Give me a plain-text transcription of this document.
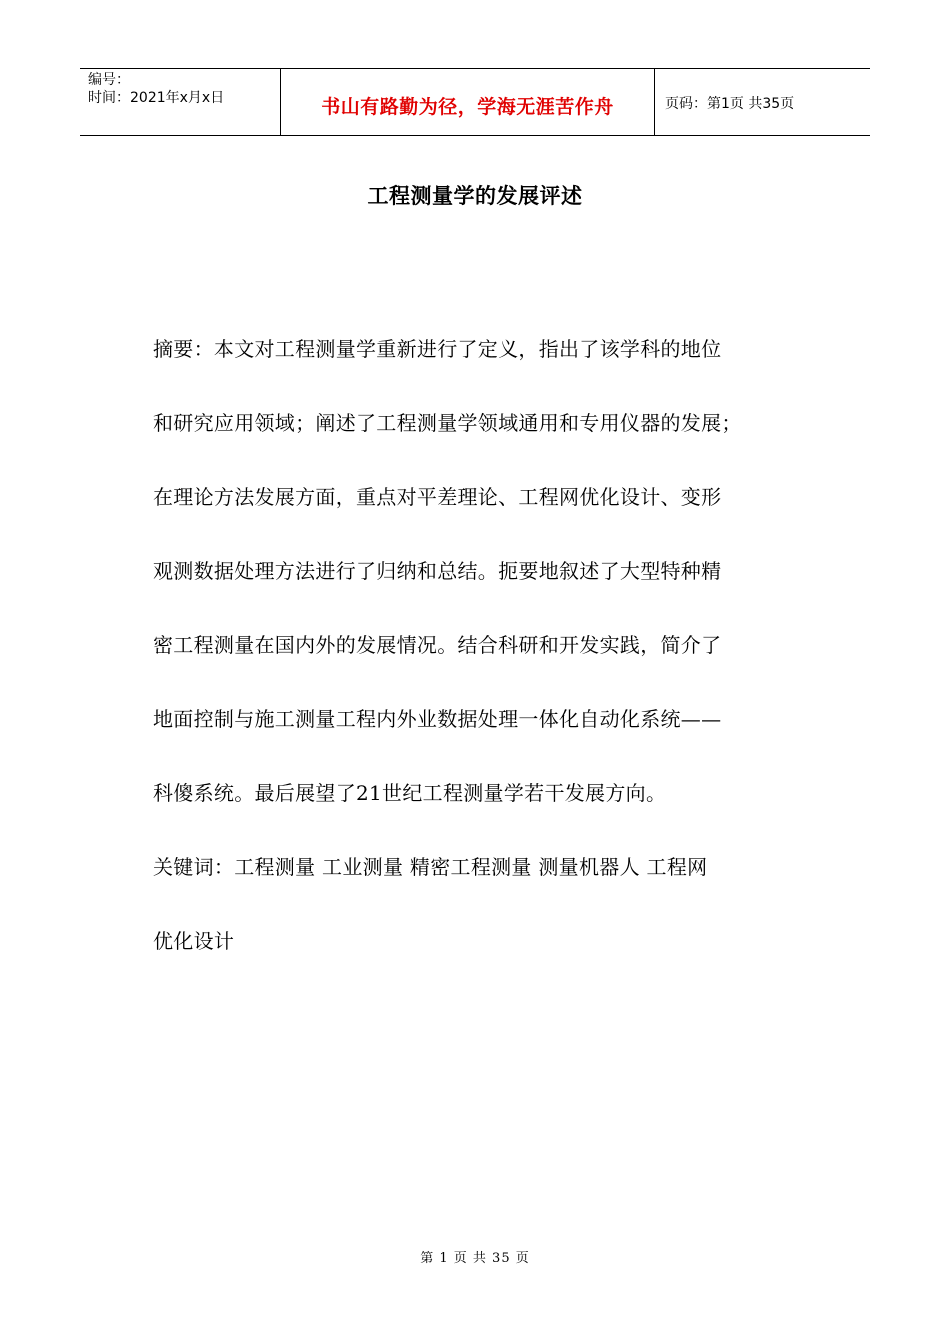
编号：
时间：2021年x月x日	书山有路勤为径，学海无涯苦作舟	页码：第1页 共35页
工程测量学的发展评述
摘要：本文对工程测量学重新进行了定义，指出了该学科的地位
和研究应用领域；阐述了工程测量学领域通用和专用仪器的发展；
在理论方法发展方面，重点对平差理论、工程网优化设计、变形
观测数据处理方法进行了归纳和总结。扼要地叙述了大型特种精
密工程测量在国内外的发展情况。结合科研和开发实践，简介了
地面控制与施工测量工程内外业数据处理一体化自动化系统——
科傻系统。最后展望了21世纪工程测量学若干发展方向。
关键词：工程测量 工业测量 精密工程测量 测量机器人 工程网
优化设计
第 1 页 共 35 页
